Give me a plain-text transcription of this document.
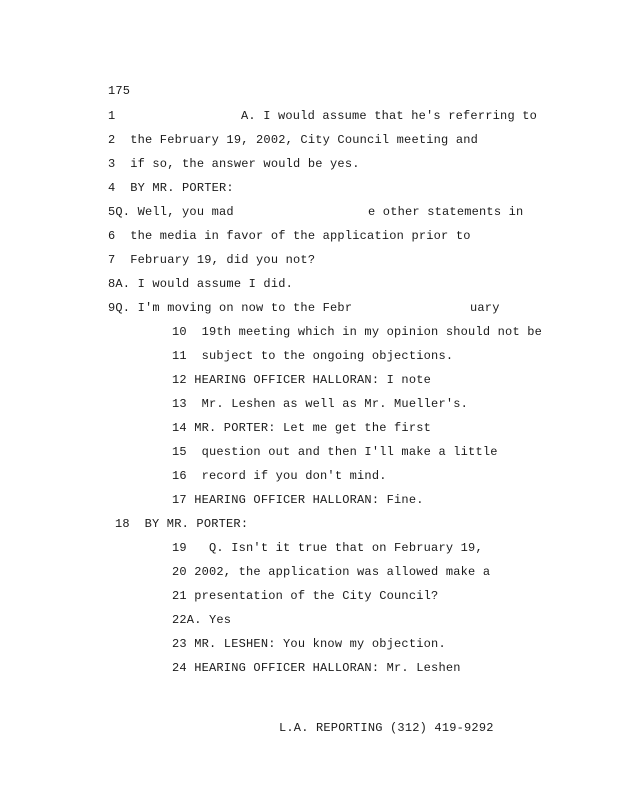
175

1	A. I would assume that he's referring to

2  the February 19, 2002, City Council meeting and

3  if so, the answer would be yes.

4  BY MR. PORTER:

5Q. Well, you mad	e other statements in

6  the media in favor of the application prior to

7  February 19, did you not?

8A. I would assume I did.

9Q. I'm moving on now to the Febr	uary

10  19th meeting which in my opinion should not be

11  subject to the ongoing objections.

12 HEARING OFFICER HALLORAN: I note

13  Mr. Leshen as well as Mr. Mueller's.

14 MR. PORTER: Let me get the first

15  question out and then I'll make a little

16  record if you don't mind.

17 HEARING OFFICER HALLORAN: Fine.

18  BY MR. PORTER:

19   Q. Isn't it true that on February 19,

20 2002, the application was allowed make a

21 presentation of the City Council?

22A. Yes

23 MR. LESHEN: You know my objection.

24 HEARING OFFICER HALLORAN: Mr. Leshen

L.A. REPORTING (312) 419-9292
